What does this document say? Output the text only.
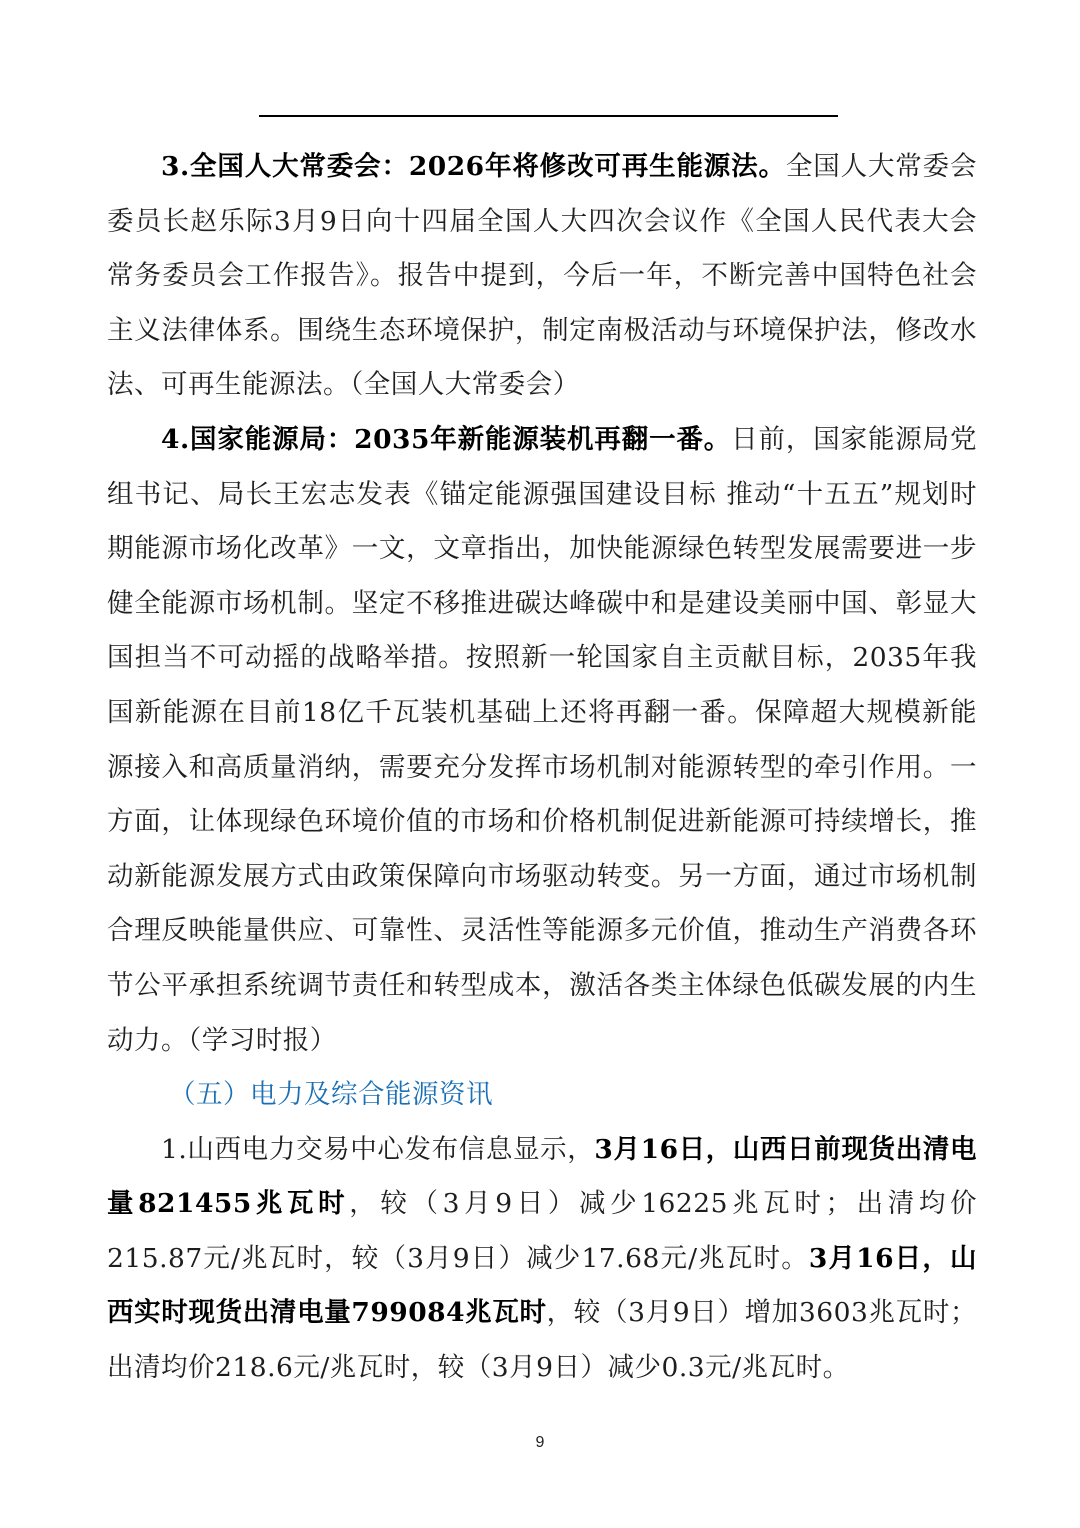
3.全国人大常委会：2026年将修改可再生能源法。全国人大常委会委员长赵乐际3月9日向十四届全国人大四次会议作《全国人民代表大会常务委员会工作报告》。报告中提到，今后一年，不断完善中国特色社会主义法律体系。围绕生态环境保护，制定南极活动与环境保护法，修改水法、可再生能源法。（全国人大常委会）

4.国家能源局：2035年新能源装机再翻一番。日前，国家能源局党组书记、局长王宏志发表《锚定能源强国建设目标 推动“十五五”规划时期能源市场化改革》一文，文章指出，加快能源绿色转型发展需要进一步健全能源市场机制。坚定不移推进碳达峰碳中和是建设美丽中国、彰显大国担当不可动摇的战略举措。按照新一轮国家自主贡献目标，2035年我国新能源在目前18亿千瓦装机基础上还将再翻一番。保障超大规模新能源接入和高质量消纳，需要充分发挥市场机制对能源转型的牵引作用。一方面，让体现绿色环境价值的市场和价格机制促进新能源可持续增长，推动新能源发展方式由政策保障向市场驱动转变。另一方面，通过市场机制合理反映能量供应、可靠性、灵活性等能源多元价值，推动生产消费各环节公平承担系统调节责任和转型成本，激活各类主体绿色低碳发展的内生动力。（学习时报）

（五）电力及综合能源资讯

1.山西电力交易中心发布信息显示，3月16日，山西日前现货出清电量821455兆瓦时，较（3月9日）减少16225兆瓦时；出清均价215.87元/兆瓦时，较（3月9日）减少17.68元/兆瓦时。3月16日，山西实时现货出清电量799084兆瓦时，较（3月9日）增加3603兆瓦时；出清均价218.6元/兆瓦时，较（3月9日）减少0.3元/兆瓦时。

9
